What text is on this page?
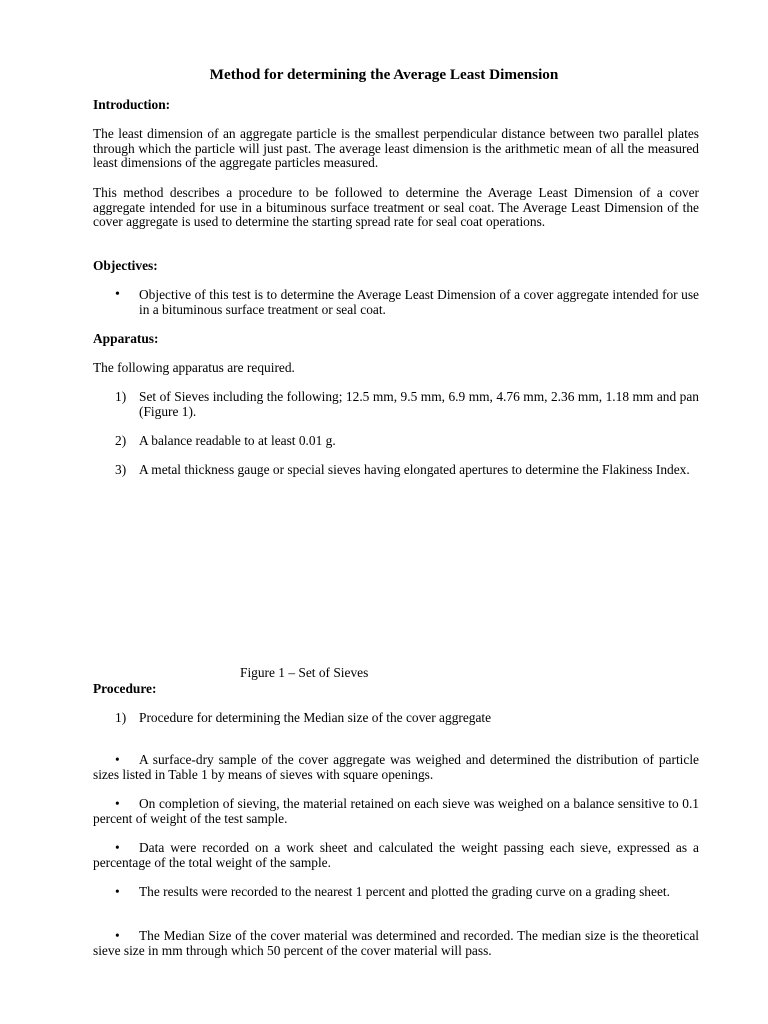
Method for determining the Average Least Dimension

Introduction:

The least dimension of an aggregate particle is the smallest perpendicular distance between two parallel plates through which the particle will just past. The average least dimension is the arithmetic mean of all the measured least dimensions of the aggregate particles measured.

This method describes a procedure to be followed to determine the Average Least Dimension of a cover aggregate intended for use in a bituminous surface treatment or seal coat. The Average Least Dimension of the cover aggregate is used to determine the starting spread rate for seal coat operations.

Objectives:

• Objective of this test is to determine the Average Least Dimension of a cover aggregate intended for use in a bituminous surface treatment or seal coat.

Apparatus:

The following apparatus are required.

1) Set of Sieves including the following; 12.5 mm, 9.5 mm, 6.9 mm, 4.76 mm, 2.36 mm, 1.18 mm and pan (Figure 1).
2) A balance readable to at least 0.01 g.
3) A metal thickness gauge or special sieves having elongated apertures to determine the Flakiness Index.

Figure 1 – Set of Sieves

Procedure:

1) Procedure for determining the Median size of the cover aggregate

• A surface-dry sample of the cover aggregate was weighed and determined the distribution of particle sizes listed in Table 1 by means of sieves with square openings.

• On completion of sieving, the material retained on each sieve was weighed on a balance sensitive to 0.1 percent of weight of the test sample.

• Data were recorded on a work sheet and calculated the weight passing each sieve, expressed as a percentage of the total weight of the sample.

• The results were recorded to the nearest 1 percent and plotted the grading curve on a grading sheet.

• The Median Size of the cover material was determined and recorded. The median size is the theoretical sieve size in mm through which 50 percent of the cover material will pass.
